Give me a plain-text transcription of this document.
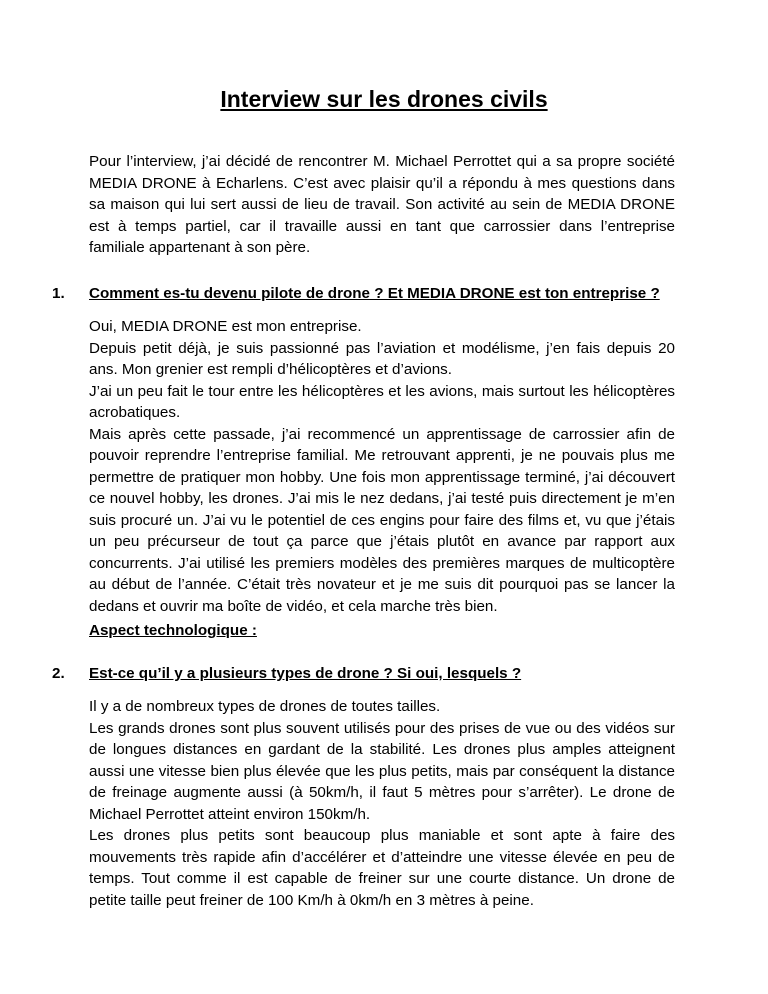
Interview sur les drones civils

Pour l’interview, j’ai décidé de rencontrer M. Michael Perrottet qui a sa propre société MEDIA DRONE à Echarlens. C’est avec plaisir qu’il a répondu à mes questions dans sa maison qui lui sert aussi de lieu de travail. Son activité au sein de MEDIA DRONE est à temps partiel, car il travaille aussi en tant que carrossier dans l’entreprise familiale appartenant à son père.

1. Comment es-tu devenu pilote de drone ? Et MEDIA DRONE est ton entreprise ?

Oui, MEDIA DRONE est mon entreprise.

Depuis petit déjà, je suis passionné pas l’aviation et modélisme, j’en fais depuis 20 ans. Mon grenier est rempli d’hélicoptères et d’avions.

J’ai un peu fait le tour entre les hélicoptères et les avions, mais surtout les hélicoptères acrobatiques.

Mais après cette passade, j’ai recommencé un apprentissage de carrossier afin de pouvoir reprendre l’entreprise familial. Me retrouvant apprenti, je ne pouvais plus me permettre de pratiquer mon hobby. Une fois mon apprentissage terminé, j’ai découvert ce nouvel hobby, les drones. J’ai mis le nez dedans, j’ai testé puis directement je m’en suis procuré un. J’ai vu le potentiel de ces engins pour faire des films et, vu que j’étais un peu précurseur de tout ça parce que j’étais plutôt en avance par rapport aux concurrents. J’ai utilisé les premiers modèles des premières marques de multicoptère au début de l’année. C’était très novateur et je me suis dit pourquoi pas se lancer la dedans et ouvrir ma boîte de vidéo, et cela marche très bien.

Aspect technologique :
2. Est-ce qu’il y a plusieurs types de drone ? Si oui, lesquels ?

Il y a de nombreux types de drones de toutes tailles.

Les grands drones sont plus souvent utilisés pour des prises de vue ou des vidéos sur de longues distances en gardant de la stabilité. Les drones plus amples atteignent aussi une vitesse bien plus élevée que les plus petits, mais par conséquent la distance de freinage augmente aussi (à 50km/h, il faut 5 mètres pour s’arrêter). Le drone de Michael Perrottet atteint environ 150km/h.

Les drones plus petits sont beaucoup plus maniable et sont apte à faire des mouvements très rapide afin d’accélérer et d’atteindre une vitesse élevée en peu de temps. Tout comme il est capable de freiner sur une courte distance. Un drone de petite taille peut freiner de 100 Km/h à 0km/h en 3 mètres à peine.
